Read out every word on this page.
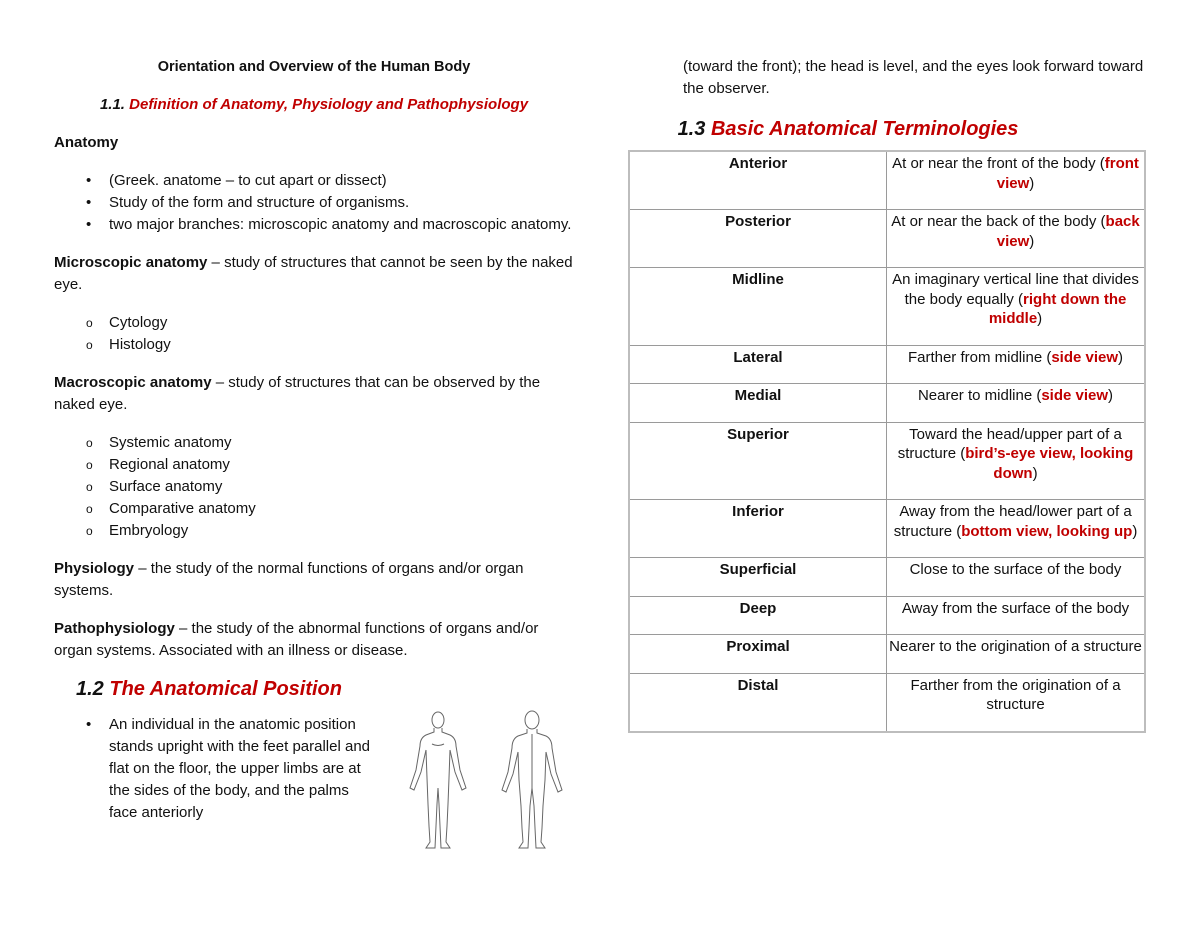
Orientation and Overview of the Human Body

1.1. Definition of Anatomy, Physiology and Pathophysiology

Anatomy

• (Greek. anatome – to cut apart or dissect)
• Study of the form and structure of organisms.
• two major branches: microscopic anatomy and macroscopic anatomy.

Microscopic anatomy – study of structures that cannot be seen by the naked eye.

o Cytology
o Histology

Macroscopic anatomy – study of structures that can be observed by the naked eye.

o Systemic anatomy
o Regional anatomy
o Surface anatomy
o Comparative anatomy
o Embryology

Physiology – the study of the normal functions of organs and/or organ systems.

Pathophysiology – the study of the abnormal functions of organs and/or organ systems. Associated with an illness or disease.

1.2 The Anatomical Position

• An individual in the anatomic position stands upright with the feet parallel and flat on the floor, the upper limbs are at the sides of the body, and the palms face anteriorly

(toward the front); the head is level, and the eyes look forward toward the observer.

1.3 Basic Anatomical Terminologies

Anterior	At or near the front of the body (front view)
Posterior	At or near the back of the body (back view)
Midline	An imaginary vertical line that divides the body equally (right down the middle)
Lateral	Farther from midline (side view)
Medial	Nearer to midline (side view)
Superior	Toward the head/upper part of a structure (bird’s-eye view, looking down)
Inferior	Away from the head/lower part of a structure (bottom view, looking up)
Superficial	Close to the surface of the body
Deep	Away from the surface of the body
Proximal	Nearer to the origination of a structure
Distal	Farther from the origination of a structure
